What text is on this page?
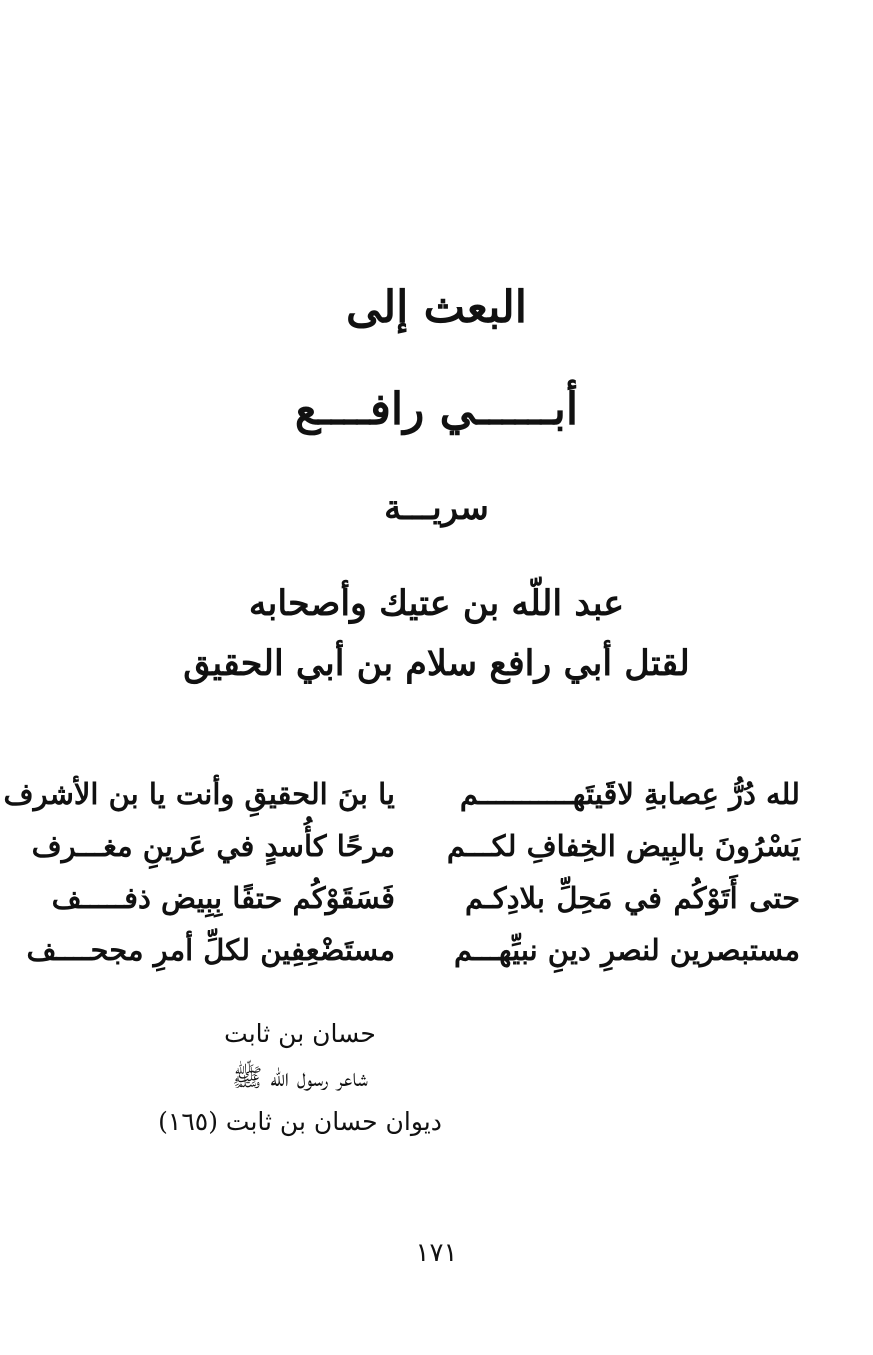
البعث إلى
أبــــــي رافــــع
سريـــة
عبد اللّه بن عتيك وأصحابه
لقتل أبي رافع سلام بن أبي الحقيق
لله دُرُّ عِصابةِ لاقَيتَهـــــــــــم
يا بنَ الحقيقِ وأنت يا بن الأشرف
يَسْرُونَ بالبِيض الخِفافِ لكـــم
مرحًا كأُسدٍ في عَرينِ مغـــرف
حتى أَتَوْكُم في مَحِلِّ بلادِكـم
فَسَقَوْكُم حتفًا بِبِيض ذفـــــف
مستبصرين لنصرِ دينِ نبيِّهـــم
مستَضْعِفِين لكلِّ أمرِ مجحــــف
حسان بن ثابت
شاعر رسول اللّه ﷺ
ديوان حسان بن ثابت (١٦٥)
١٧١
